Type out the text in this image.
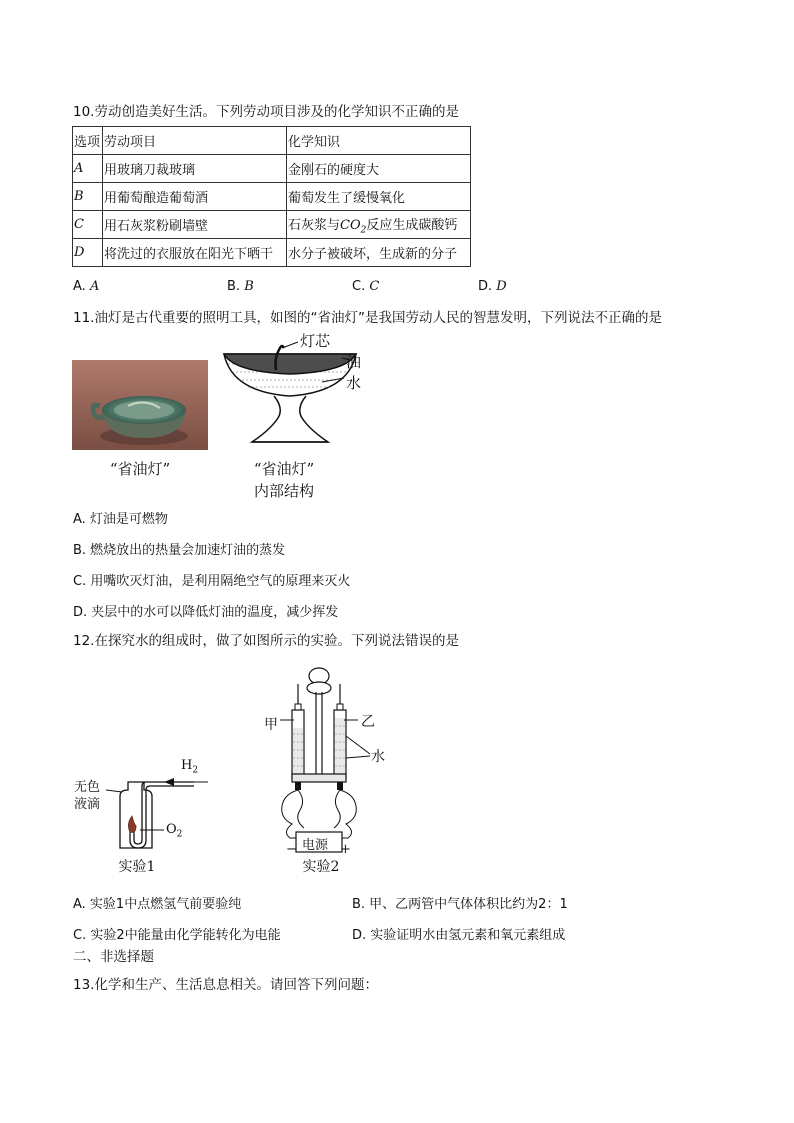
10.劳动创造美好生活。下列劳动项目涉及的化学知识不正确的是
选项	劳动项目	化学知识
A	用玻璃刀裁玻璃	金刚石的硬度大
B	用葡萄酿造葡萄酒	葡萄发生了缓慢氧化
C	用石灰浆粉刷墙壁	石灰浆与$CO_2$反应生成碳酸钙
D	将洗过的衣服放在阳光下晒干	水分子被破坏，生成新的分子
A. A	B. B	C. C	D. D
11.油灯是古代重要的照明工具，如图的“省油灯”是我国劳动人民的智慧发明，下列说法不正确的是
“省油灯”
灯芯
油
水
“省油灯”
内部结构
A. 灯油是可燃物
B. 燃烧放出的热量会加速灯油的蒸发
C. 用嘴吹灭灯油，是利用隔绝空气的原理来灭火
D. 夹层中的水可以降低灯油的温度，减少挥发
12.在探究水的组成时，做了如图所示的实验。下列说法错误的是
$H_2$
无色
液滴
$O_2$
实验1
甲	乙
水
电源
−	+
实验2
A. 实验1中点燃氢气前要验纯	B. 甲、乙两管中气体体积比约为2：1
C. 实验2中能量由化学能转化为电能	D. 实验证明水由氢元素和氧元素组成
二、非选择题
13.化学和生产、生活息息相关。请回答下列问题：
